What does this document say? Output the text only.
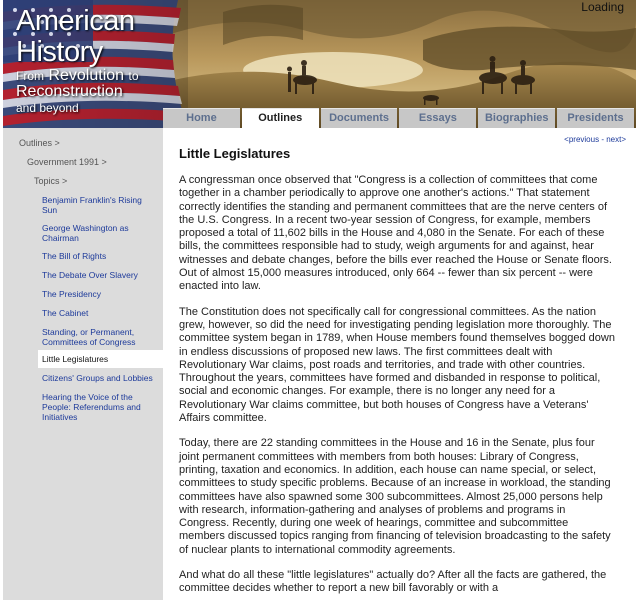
Loading
American
History
From Revolution to
Reconstruction
and beyond
Home	Outlines	Documents	Essays	Biographies	Presidents
Outlines >
Government 1991 >
Topics >
Benjamin Franklin's Rising Sun
George Washington as Chairman
The Bill of Rights
The Debate Over Slavery
The Presidency
The Cabinet
Standing, or Permanent, Committees of Congress
Little Legislatures
Citizens' Groups and Lobbies
Hearing the Voice of the People: Referendums and Initiatives
<previous - next>
Little Legislatures

A congressman once observed that "Congress is a collection of committees that come together in a chamber periodically to approve one another's actions." That statement correctly identifies the standing and permanent committees that are the nerve centers of the U.S. Congress. In a recent two-year session of Congress, for example, members proposed a total of 11,602 bills in the House and 4,080 in the Senate. For each of these bills, the committees responsible had to study, weigh arguments for and against, hear witnesses and debate changes, before the bills ever reached the House or Senate floors. Out of almost 15,000 measures introduced, only 664 -- fewer than six percent -- were enacted into law.

The Constitution does not specifically call for congressional committees. As the nation grew, however, so did the need for investigating pending legislation more thoroughly. The committee system began in 1789, when House members found themselves bogged down in endless discussions of proposed new laws. The first committees dealt with Revolutionary War claims, post roads and territories, and trade with other countries. Throughout the years, committees have formed and disbanded in response to political, social and economic changes. For example, there is no longer any need for a Revolutionary War claims committee, but both houses of Congress have a Veterans' Affairs committee.

Today, there are 22 standing committees in the House and 16 in the Senate, plus four joint permanent committees with members from both houses: Library of Congress, printing, taxation and economics. In addition, each house can name special, or select, committees to study specific problems. Because of an increase in workload, the standing committees have also spawned some 300 subcommittees. Almost 25,000 persons help with research, information-gathering and analyses of problems and programs in Congress. Recently, during one week of hearings, committee and subcommittee members discussed topics ranging from financing of television broadcasting to the safety of nuclear plants to international commodity agreements.

And what do all these "little legislatures" actually do? After all the facts are gathered, the committee decides whether to report a new bill favorably or with a
